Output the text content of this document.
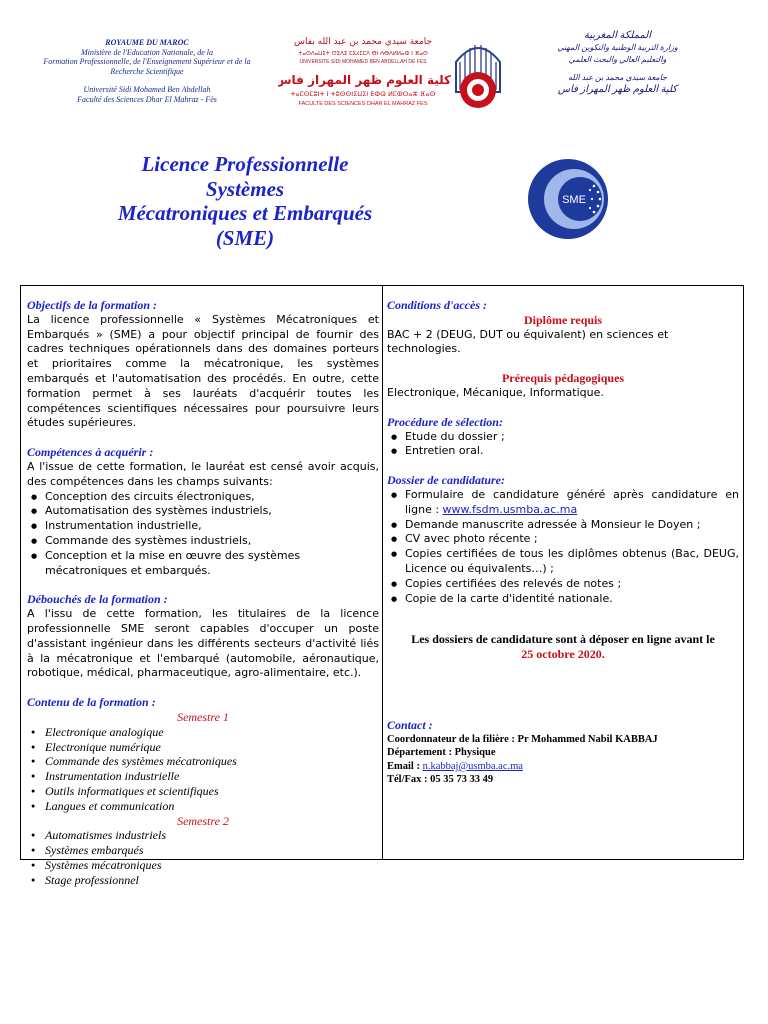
ROYAUME DU MAROC
Ministère de l'Education Nationale, de la
Formation Professionnelle, de l'Enseignement Supérieur et de la
Recherche Scientifique
Université Sidi Mohamed Ben Abdellah
Faculté des Sciences Dhar El Mahraz - Fès
جامعة سيدي محمد بن عبد الله بفاس
ⵜⴰⵙⴷⴰⵡⵉⵜ ⵙⵉⴷⵉ ⵎⵓⵃⵎⵎⴷ ⴱⵏ ⵄⴱⴷⵍⵍⴰⵀ ⵏ ⴼⴰⵙ
UNIVERSITE SIDI MOHAMED BEN ABDELLAH DE FES
كلية العلوم ظهر المهراز فاس
ⵜⴰⵎⵙⵎⵓⵏⵜ ⵏ ⵜⵓⵙⵙⵏⵉⵡⵉⵏ ⴹⵀⵕ ⵍⵎⵀⵔⴰⵣ ⴼⴰⵙ
FACULTE DES SCIENCES DHAR EL MAHRAZ FES
المملكة المغربية
وزارة التربية الوطنية والتكوين المهني
والتعليم العالي والبحث العلمي
جامعة سيدي محمد بن عبد الله
كلية العلوم ظهر المهراز فاس
Licence Professionnelle
Systèmes
Mécatroniques et Embarqués
(SME)
SME
Objectifs de la formation :
La licence professionnelle « Systèmes Mécatroniques et Embarqués » (SME) a pour objectif principal de fournir des cadres techniques opérationnels dans des domaines porteurs et prioritaires comme la mécatronique, les systèmes embarqués et l'automatisation des procédés. En outre, cette formation permet à ses lauréats d'acquérir toutes les compétences scientifiques nécessaires pour poursuivre leurs études supérieures.
Compétences à acquérir :
A l'issue de cette formation, le lauréat est censé avoir acquis, des compétences dans les champs suivants:
● Conception des circuits électroniques,
● Automatisation des systèmes industriels,
● Instrumentation industrielle,
● Commande des systèmes industriels,
● Conception et la mise en œuvre des systèmes mécatroniques et embarqués.
Débouchés de la formation :
A l'issu de cette formation, les titulaires de la licence professionnelle SME seront capables d'occuper un poste d'assistant ingénieur dans les différents secteurs d'activité liés à la mécatronique et l'embarqué (automobile, aéronautique, robotique, médical, pharmaceutique, agro-alimentaire, etc.).
Contenu de la formation :
Semestre 1
● Electronique analogique
● Electronique numérique
● Commande des systèmes mécatroniques
● Instrumentation industrielle
● Outils informatiques et scientifiques
● Langues et communication
Semestre 2
● Automatismes industriels
● Systèmes embarqués
● Systèmes mécatroniques
● Stage professionnel
Conditions d'accès :
Diplôme requis
BAC + 2 (DEUG, DUT ou équivalent) en sciences et technologies.
Prérequis pédagogiques
Electronique, Mécanique, Informatique.
Procédure de sélection:
● Etude du dossier ;
● Entretien oral.
Dossier de candidature:
● Formulaire de candidature généré après candidature en ligne : www.fsdm.usmba.ac.ma
● Demande manuscrite adressée à Monsieur le Doyen ;
● CV avec photo récente ;
● Copies certifiées de tous les diplômes obtenus (Bac, DEUG, Licence ou équivalents…) ;
● Copies certifiées des relevés de notes ;
● Copie de la carte d'identité nationale.
Les dossiers de candidature sont à déposer en ligne avant le
25 octobre 2020.
Contact :
Coordonnateur de la filière : Pr Mohammed Nabil KABBAJ
Département : Physique
Email : n.kabbaj@usmba.ac.ma
Tél/Fax : 05 35 73 33 49
